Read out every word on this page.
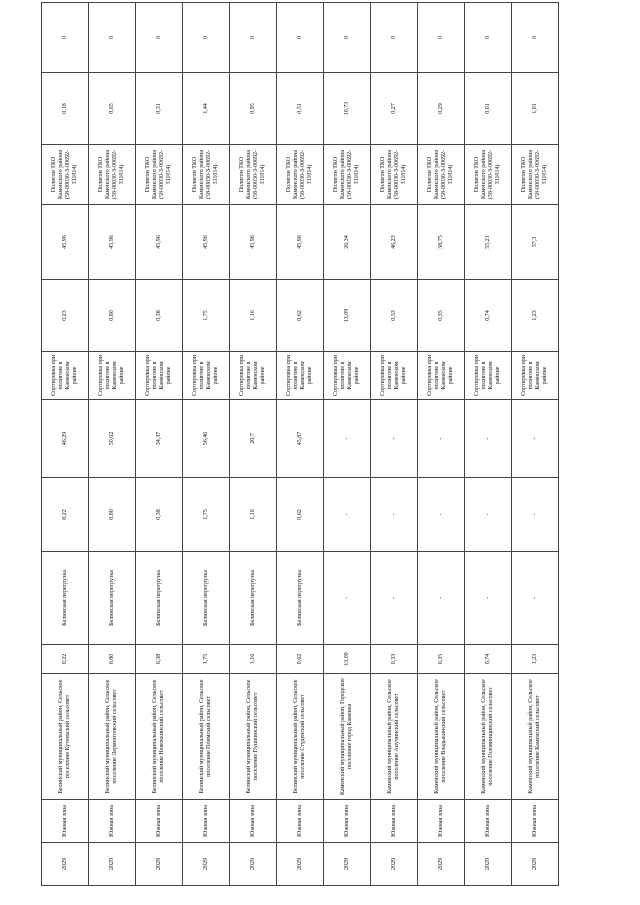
2029	Южная зона	Белинский муниципальный район, Сельское поселение Кутеевский сельсовет	0,22	Белинская перегрузка	0,22	46,29	Сортировка при полигоне в Каменском районе	0,23	45,96	Полигон ТКО Каменского района (58-00030-З-00692-311014)	0,18	0
2029	Южная зона	Белинский муниципальный район, Сельское поселение Лермонтовский сельсовет	0,80	Белинская перегрузка	0,80	50,62	Сортировка при полигоне в Каменском районе	0,80	45,96	Полигон ТКО Каменского района (58-00030-З-00692-311014)	0,65	0
2029	Южная зона	Белинский муниципальный район, Сельское поселение Невежкинский сельсовет	0,38	Белинская перегрузка	0,38	34,37	Сортировка при полигоне в Каменском районе	0,38	45,96	Полигон ТКО Каменского района (58-00030-З-00692-311014)	0,31	0
2029	Южная зона	Белинский муниципальный район, Сельское поселение Поимский сельсовет	1,75	Белинская перегрузка	1,75	56,46	Сортировка при полигоне в Каменском районе	1,75	45,96	Полигон ТКО Каменского района (58-00030-З-00692-311014)	1,44	0
2029	Южная зона	Белинский муниципальный район, Сельское поселение Пушкинский сельсовет	1,16	Белинская перегрузка	1,16	20,7	Сортировка при полигоне в Каменском районе	1,16	45,96	Полигон ТКО Каменского района (58-00030-З-00692-311014)	0,95	0
2029	Южная зона	Белинский муниципальный район, Сельское поселение Студенский сельсовет	0,62	Белинская перегрузка	0,62	45,87	Сортировка при полигоне в Каменском районе	0,62	45,96	Полигон ТКО Каменского района (58-00030-З-00692-311014)	0,51	0
2029	Южная зона	Каменский муниципальный район, Городское поселение город Каменка	13,09	-	-	-	Сортировка при полигоне в Каменском районе	13,09	26,34	Полигон ТКО Каменского района (58-00030-З-00692-311014)	10,73	0
2029	Южная зона	Каменский муниципальный район, Сельское поселение Анучинский сельсовет	0,33	-	-	-	Сортировка при полигоне в Каменском районе	0,33	46,23	Полигон ТКО Каменского района (58-00030-З-00692-311014)	0,27	0
2029	Южная зона	Каменский муниципальный район, Сельское поселение Владыкинский сельсовет	0,35	-	-	-	Сортировка при полигоне в Каменском районе	0,35	38,75	Полигон ТКО Каменского района (58-00030-З-00692-311014)	0,29	0
2029	Южная зона	Каменский муниципальный район, Сельское поселение Головинщинский сельсовет	0,74	-	-	-	Сортировка при полигоне в Каменском районе	0,74	55,21	Полигон ТКО Каменского района (58-00030-З-00692-311014)	0,61	0
2029	Южная зона	Каменский муниципальный район, Сельское поселение Каменский сельсовет	1,23	-	-	-	Сортировка при полигоне в Каменском районе	1,23	37,3	Полигон ТКО Каменского района (58-00030-З-00692-311014)	1,01	0
